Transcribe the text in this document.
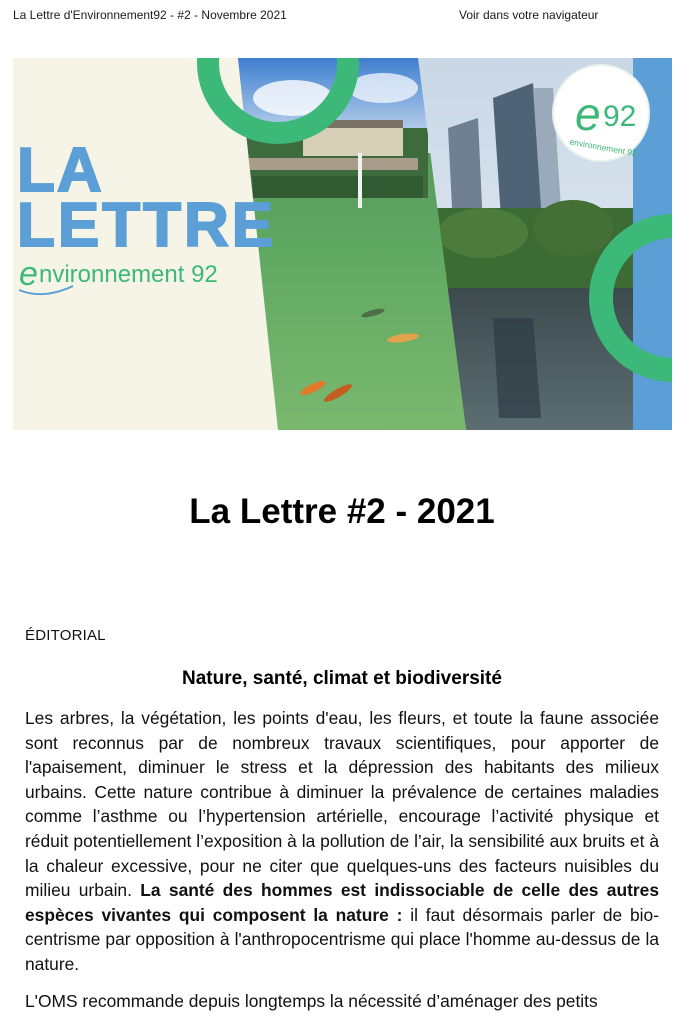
La Lettre d'Environnement92 - #2 - Novembre 2021	Voir dans votre navigateur
e 92
environnement 92
LA
LETTRE
e nvironnement 92
La Lettre #2 - 2021
ÉDITORIAL
Nature, santé, climat et biodiversité

Les arbres, la végétation, les points d'eau, les fleurs, et toute la faune associée sont reconnus par de nombreux travaux scientifiques, pour apporter de l'apaisement, diminuer le stress et la dépression des habitants des milieux urbains. Cette nature contribue à diminuer la prévalence de certaines maladies comme l’asthme ou l’hypertension artérielle, encourage l’activité physique et réduit potentiellement l’exposition à la pollution de l’air, la sensibilité aux bruits et à la chaleur excessive, pour ne citer que quelques-uns des facteurs nuisibles du milieu urbain. La santé des hommes est indissociable de celle des autres espèces vivantes qui composent la nature : il faut désormais parler de bio-centrisme par opposition à l'anthropocentrisme qui place l'homme au-dessus de la nature.

L'OMS recommande depuis longtemps la nécessité d’aménager des petits
